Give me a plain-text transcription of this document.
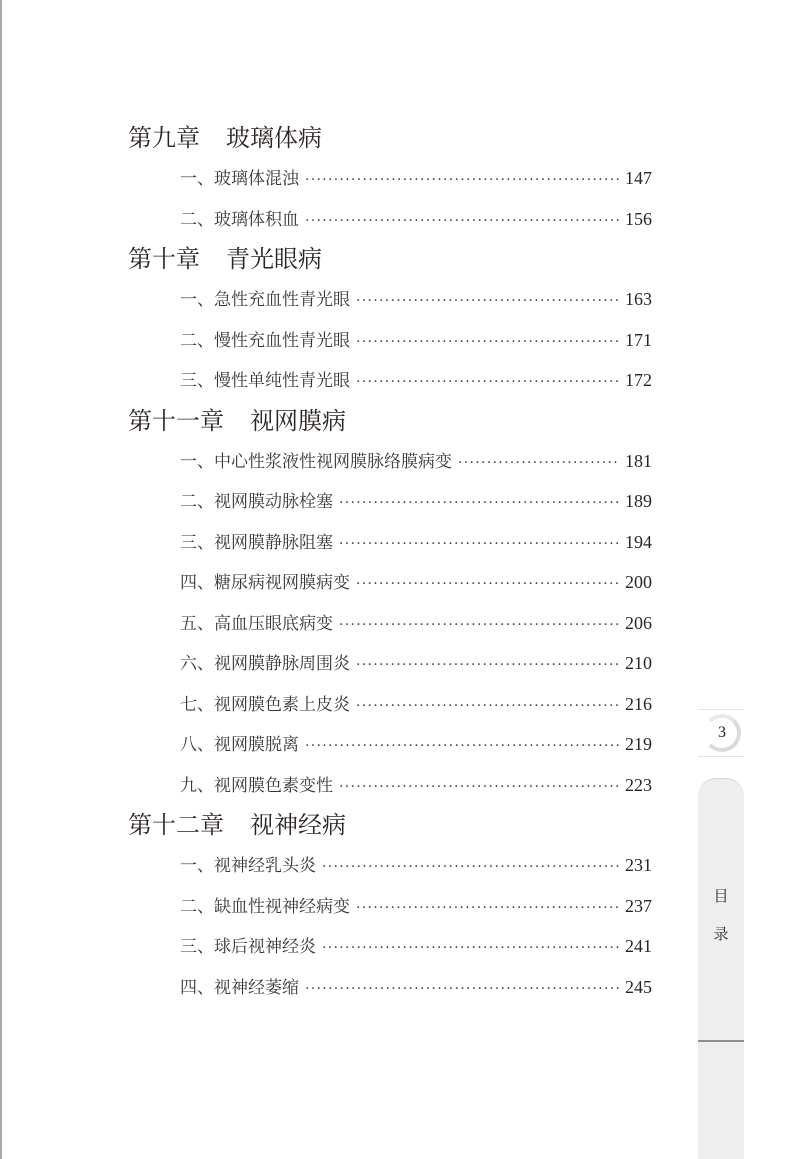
第九章 玻璃体病
一、玻璃体混浊 ·····	147
二、玻璃体积血 ·····	156
第十章 青光眼病
一、急性充血性青光眼 ·····	163
二、慢性充血性青光眼 ·····	171
三、慢性单纯性青光眼 ·····	172
第十一章 视网膜病
一、中心性浆液性视网膜脉络膜病变 ·····	181
二、视网膜动脉栓塞 ·····	189
三、视网膜静脉阻塞 ·····	194
四、糖尿病视网膜病变 ·····	200
五、高血压眼底病变 ·····	206
六、视网膜静脉周围炎 ·····	210
七、视网膜色素上皮炎 ·····	216
八、视网膜脱离 ·····	219
九、视网膜色素变性 ·····	223
第十二章 视神经病
一、视神经乳头炎 ·····	231
二、缺血性视神经病变 ·····	237
三、球后视神经炎 ·····	241
四、视神经萎缩 ·····	245
3
目
录
